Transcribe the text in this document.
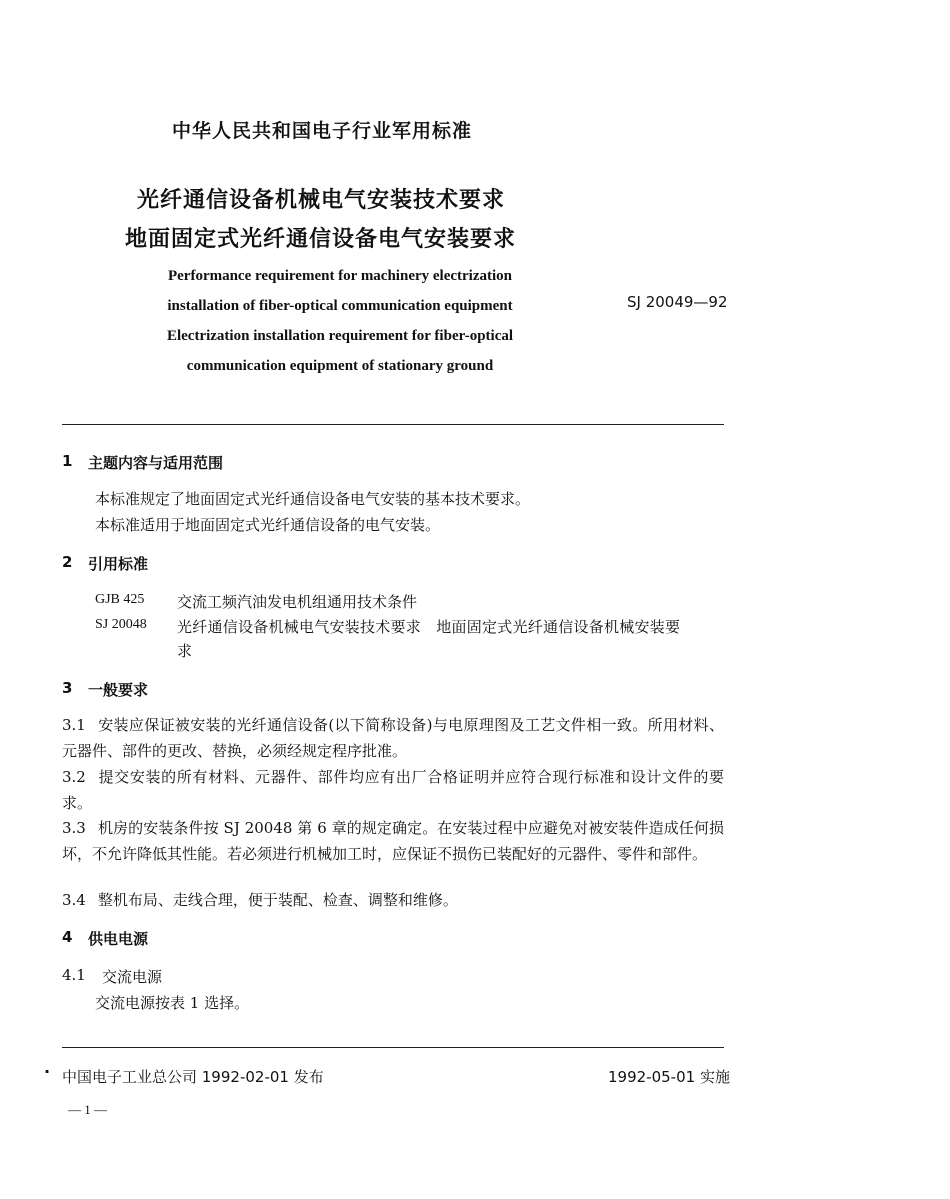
中华人民共和国电子行业军用标准
光纤通信设备机械电气安装技术要求
地面固定式光纤通信设备电气安装要求
Performance requirement for machinery electrization
installation of fiber-optical communication equipment
Electrization installation requirement for fiber-optical
communication equipment of stationary ground
SJ 20049—92
1 主题内容与适用范围
本标准规定了地面固定式光纤通信设备电气安装的基本技术要求。
本标准适用于地面固定式光纤通信设备的电气安装。
2 引用标准
GJB 425 交流工频汽油发电机组通用技术条件
SJ 20048 光纤通信设备机械电气安装技术要求　地面固定式光纤通信设备机械安装要
求
3 一般要求
3.1 安装应保证被安装的光纤通信设备(以下简称设备)与电原理图及工艺文件相一致。所用材料、元器件、部件的更改、替换，必须经规定程序批准。
3.2 提交安装的所有材料、元器件、部件均应有出厂合格证明并应符合现行标准和设计文件的要求。
3.3 机房的安装条件按 SJ 20048 第 6 章的规定确定。在安装过程中应避免对被安装件造成任何损坏，不允许降低其性能。若必须进行机械加工时，应保证不损伤已装配好的元器件、零件和部件。
3.4 整机布局、走线合理，便于装配、检查、调整和维修。
4 供电电源
4.1 交流电源
交流电源按表 1 选择。
· 中国电子工业总公司 1992-02-01 发布	1992-05-01 实施
— 1 —
